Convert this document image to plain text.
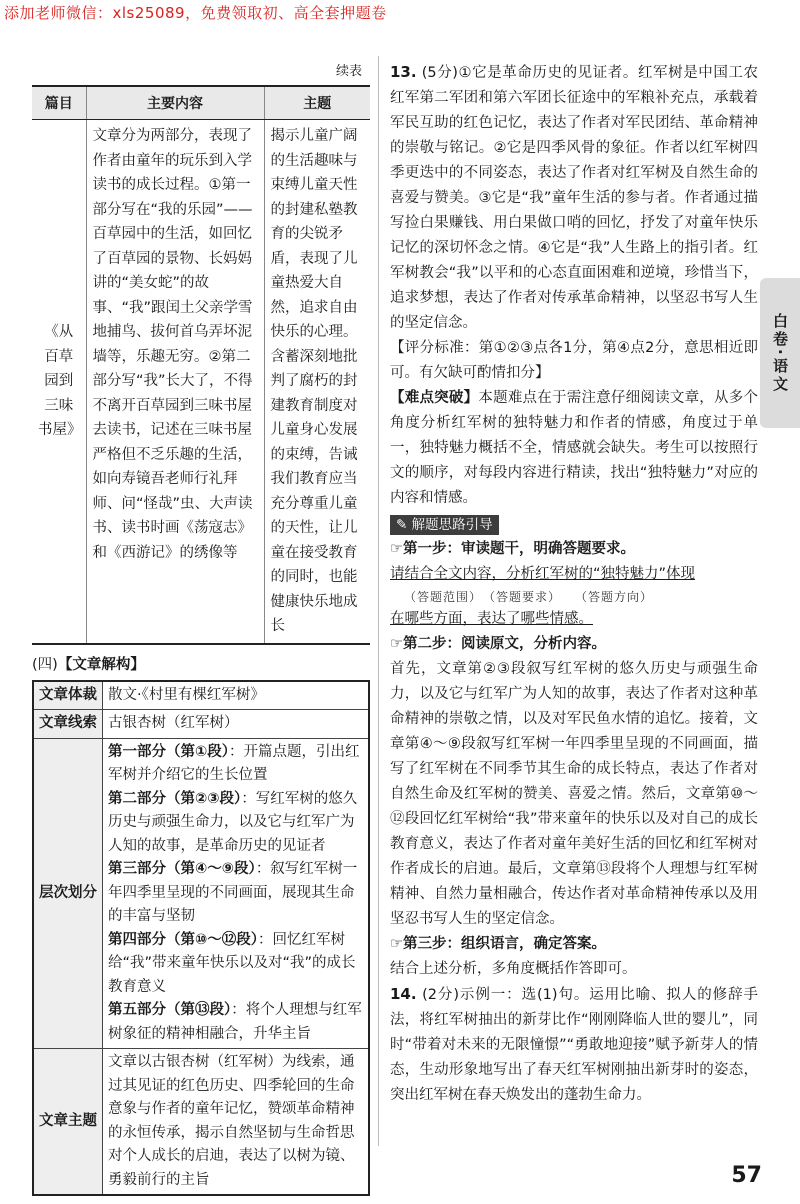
添加老师微信：xls25089，免费领取初、高全套押题卷
续表
篇目	主要内容	主题
《从百草园到三味书屋》	文章分为两部分，表现了作者由童年的玩乐到入学读书的成长过程。①第一部分写在“我的乐园”——百草园中的生活，如回忆了百草园的景物、长妈妈讲的“美女蛇”的故事、“我”跟闰土父亲学雪地捕鸟、拔何首乌弄坏泥墙等，乐趣无穷。②第二部分写“我”长大了，不得不离开百草园到三味书屋去读书，记述在三味书屋严格但不乏乐趣的生活，如向寿镜吾老师行礼拜师、问“怪哉”虫、大声读书、读书时画《荡寇志》和《西游记》的绣像等	揭示儿童广阔的生活趣味与束缚儿童天性的封建私塾教育的尖锐矛盾，表现了儿童热爱大自然，追求自由快乐的心理。含蓄深刻地批判了腐朽的封建教育制度对儿童身心发展的束缚，告诫我们教育应当充分尊重儿童的天性，让儿童在接受教育的同时，也能健康快乐地成长
(四)【文章解构】
文章体裁	散文·《村里有棵红军树》
文章线索	古银杏树（红军树）
层次划分	第一部分（第①段）：开篇点题，引出红军树并介绍它的生长位置
第二部分（第②③段）：写红军树的悠久历史与顽强生命力，以及它与红军广为人知的故事，是革命历史的见证者
第三部分（第④～⑨段）：叙写红军树一年四季里呈现的不同画面，展现其生命的丰富与坚韧
第四部分（第⑩～⑫段）：回忆红军树给“我”带来童年快乐以及对“我”的成长教育意义
第五部分（第⑬段）：将个人理想与红军树象征的精神相融合，升华主旨

文章主题	文章以古银杏树（红军树）为线索，通过其见证的红色历史、四季轮回的生命意象与作者的童年记忆，赞颂革命精神的永恒传承，揭示自然坚韧与生命哲思对个人成长的启迪，表达了以树为镜、勇毅前行的主旨

13. (5分)①它是革命历史的见证者。红军树是中国工农红军第二军团和第六军团长征途中的军粮补充点，承载着军民互助的红色记忆，表达了作者对军民团结、革命精神的崇敬与铭记。②它是四季风骨的象征。作者以红军树四季更迭中的不同姿态，表达了作者对红军树及自然生命的喜爱与赞美。③它是“我”童年生活的参与者。作者通过描写捡白果赚钱、用白果做口哨的回忆，抒发了对童年快乐记忆的深切怀念之情。④它是“我”人生路上的指引者。红军树教会“我”以平和的心态直面困难和逆境，珍惜当下，追求梦想，表达了作者对传承革命精神，以坚忍书写人生的坚定信念。

【评分标准：第①②③点各1分，第④点2分，意思相近即可。有欠缺可酌情扣分】

【难点突破】本题难点在于需注意仔细阅读文章，从多个角度分析红军树的独特魅力和作者的情感，角度过于单一，独特魅力概括不全，情感就会缺失。考生可以按照行文的顺序，对每段内容进行精读，找出“独特魅力”对应的内容和情感。

✎ 解题思路引导

☞第一步：审读题干，明确答题要求。

请结合全文内容，分析红军树的“独特魅力”体现

（答题范围）　（答题要求）　　（答题方向）

在哪些方面，表达了哪些情感。

☞第二步：阅读原文，分析内容。

首先，文章第②③段叙写红军树的悠久历史与顽强生命力，以及它与红军广为人知的故事，表达了作者对这种革命精神的崇敬之情，以及对军民鱼水情的追忆。接着，文章第④～⑨段叙写红军树一年四季里呈现的不同画面，描写了红军树在不同季节其生命的成长特点，表达了作者对自然生命及红军树的赞美、喜爱之情。然后，文章第⑩～⑫段回忆红军树给“我”带来童年的快乐以及对自己的成长教育意义，表达了作者对童年美好生活的回忆和红军树对作者成长的启迪。最后，文章第⑬段将个人理想与红军树精神、自然力量相融合，传达作者对革命精神传承以及用坚忍书写人生的坚定信念。

☞第三步：组织语言，确定答案。

结合上述分析，多角度概括作答即可。

14. (2分)示例一：选(1)句。运用比喻、拟人的修辞手法，将红军树抽出的新芽比作“刚刚降临人世的婴儿”，同时“带着对未来的无限憧憬”“勇敢地迎接”赋予新芽人的情态，生动形象地写出了春天红军树刚抽出新芽时的姿态，突出红军树在春天焕发出的蓬勃生命力。

白卷·语文
57
